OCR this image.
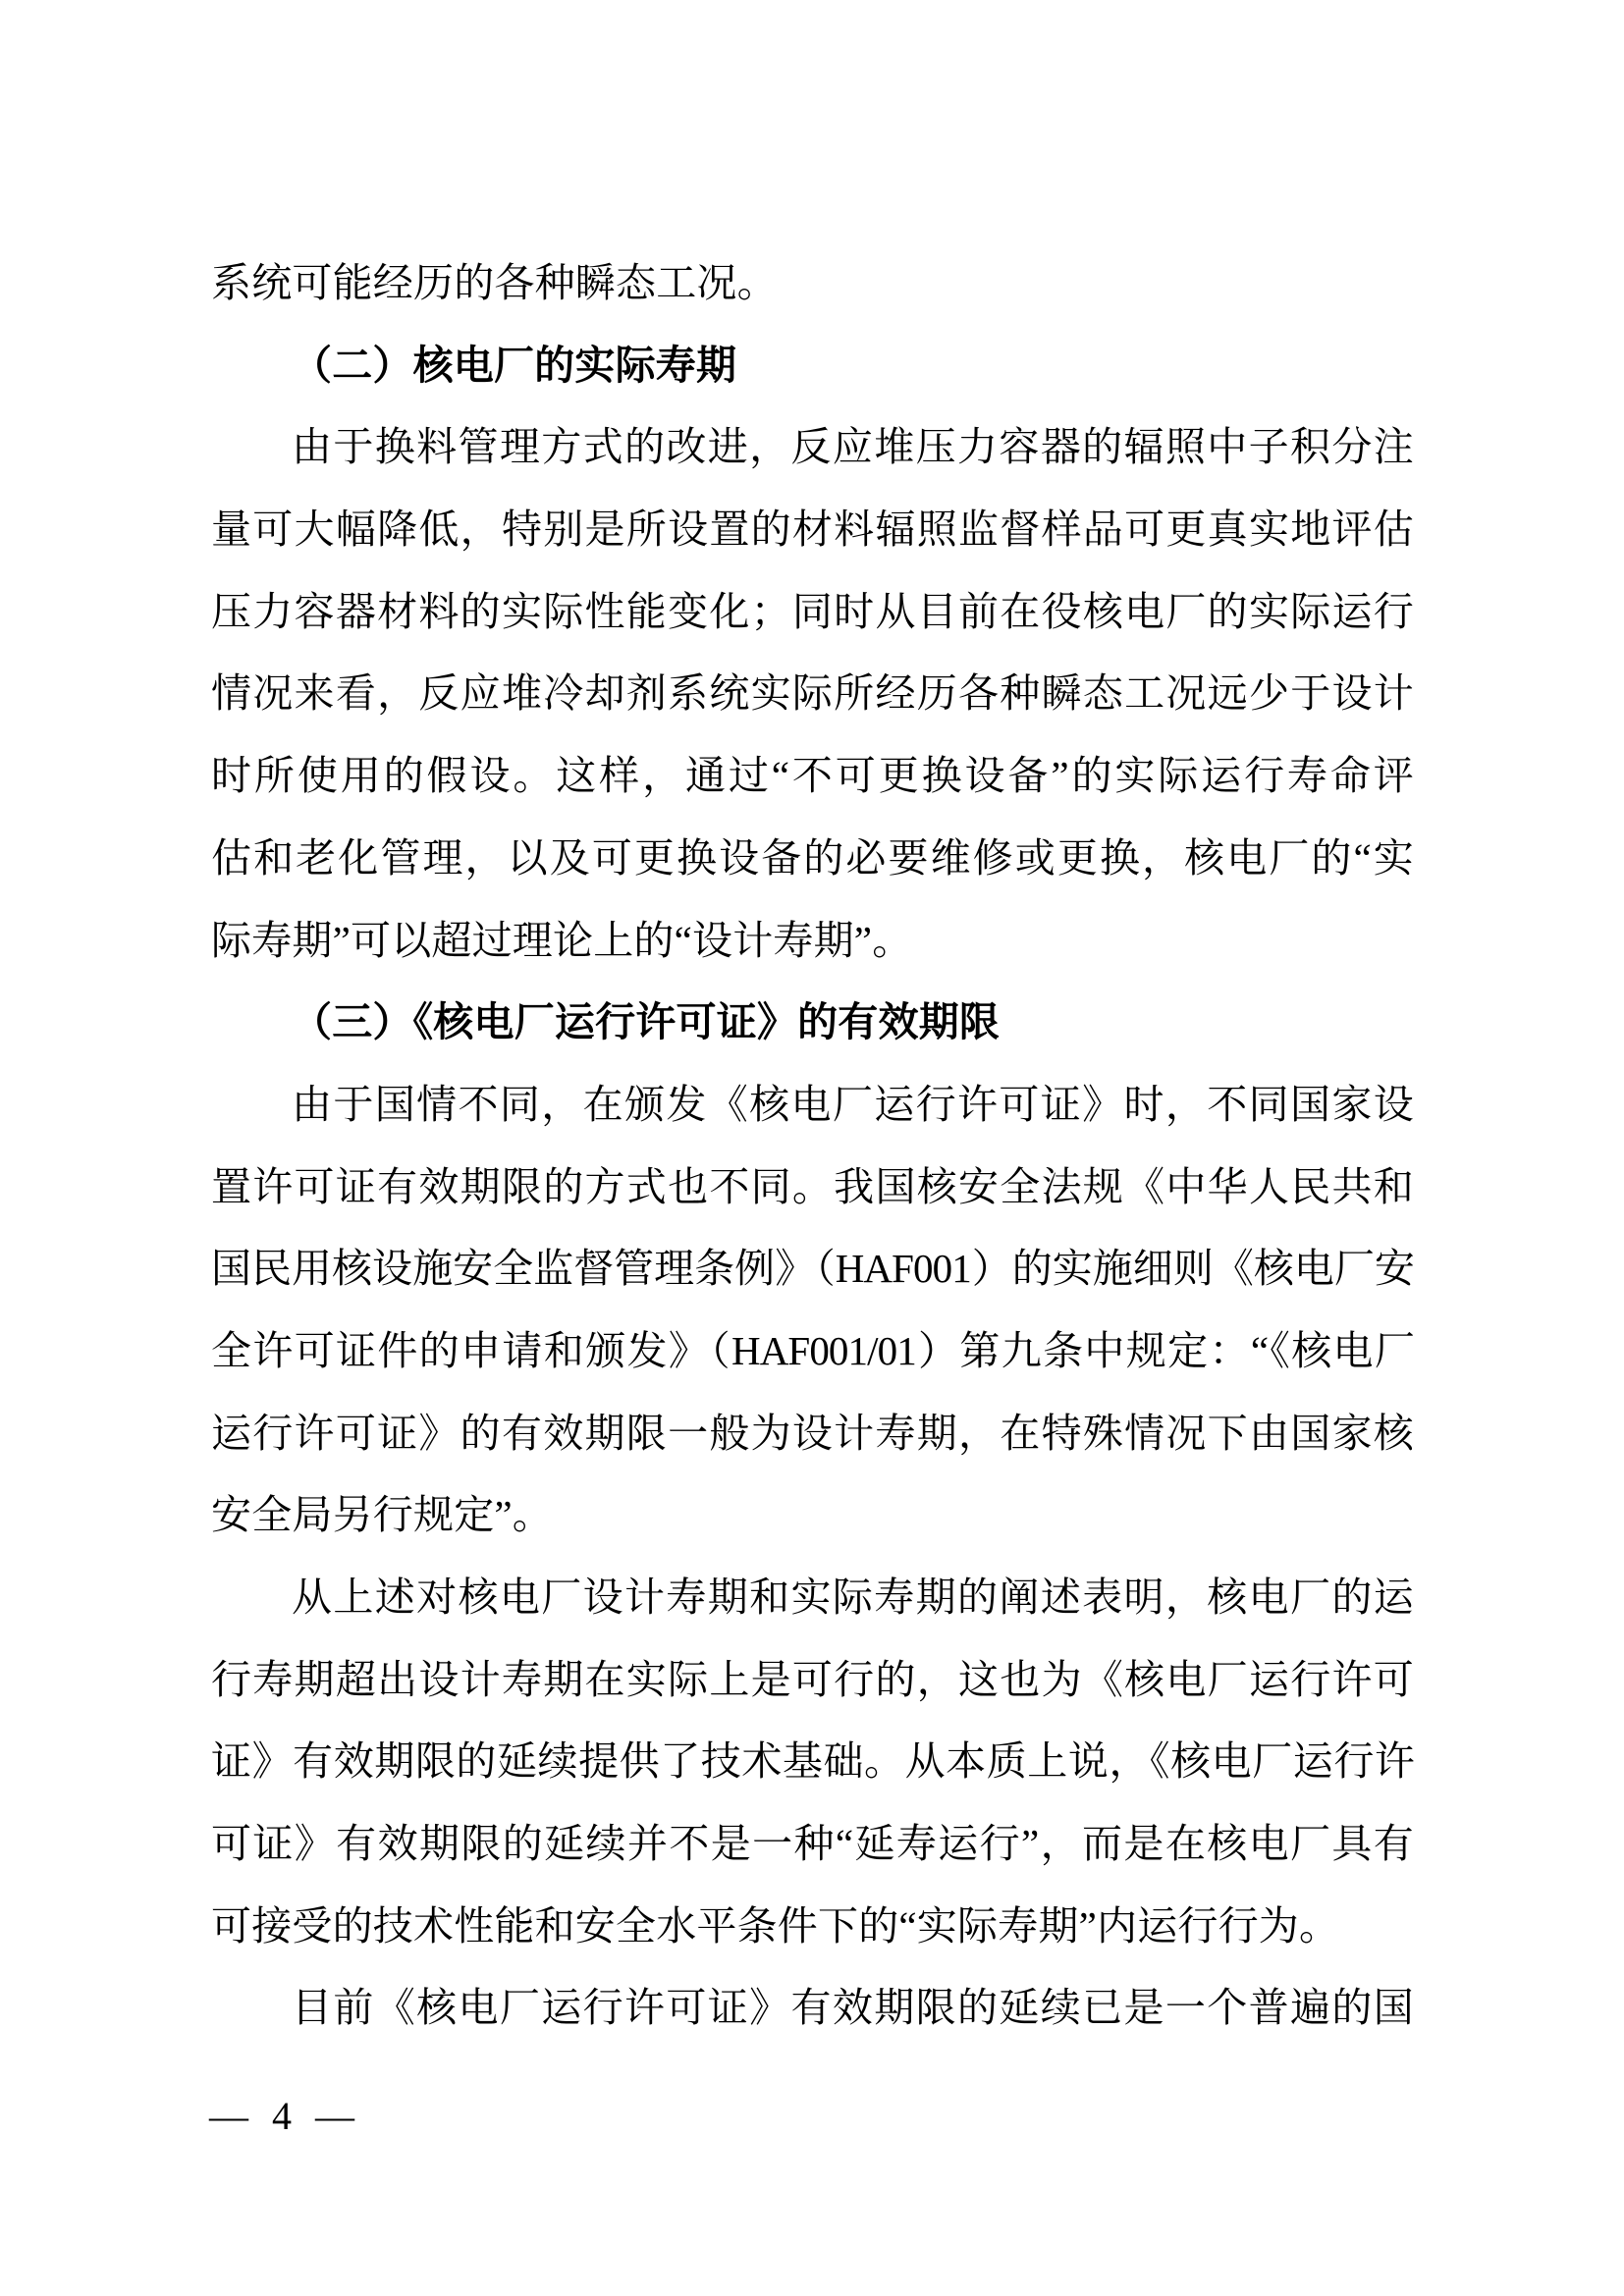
系统可能经历的各种瞬态工况。
（二）核电厂的实际寿期
由于换料管理方式的改进，反应堆压力容器的辐照中子积分注
量可大幅降低，特别是所设置的材料辐照监督样品可更真实地评估
压力容器材料的实际性能变化；同时从目前在役核电厂的实际运行
情况来看，反应堆冷却剂系统实际所经历各种瞬态工况远少于设计
时所使用的假设。这样，通过“不可更换设备”的实际运行寿命评
估和老化管理，以及可更换设备的必要维修或更换，核电厂的“实
际寿期”可以超过理论上的“设计寿期”。
（三）《核电厂运行许可证》的有效期限
由于国情不同，在颁发《核电厂运行许可证》时，不同国家设
置许可证有效期限的方式也不同。我国核安全法规《中华人民共和
国民用核设施安全监督管理条例》（HAF001）的实施细则《核电厂安
全许可证件的申请和颁发》（HAF001/01）第九条中规定：“《核电厂
运行许可证》的有效期限一般为设计寿期，在特殊情况下由国家核
安全局另行规定”。
从上述对核电厂设计寿期和实际寿期的阐述表明，核电厂的运
行寿期超出设计寿期在实际上是可行的，这也为《核电厂运行许可
证》有效期限的延续提供了技术基础。从本质上说，《核电厂运行许
可证》有效期限的延续并不是一种“延寿运行”，而是在核电厂具有
可接受的技术性能和安全水平条件下的“实际寿期”内运行行为。
目前《核电厂运行许可证》有效期限的延续已是一个普遍的国
— 4 —
